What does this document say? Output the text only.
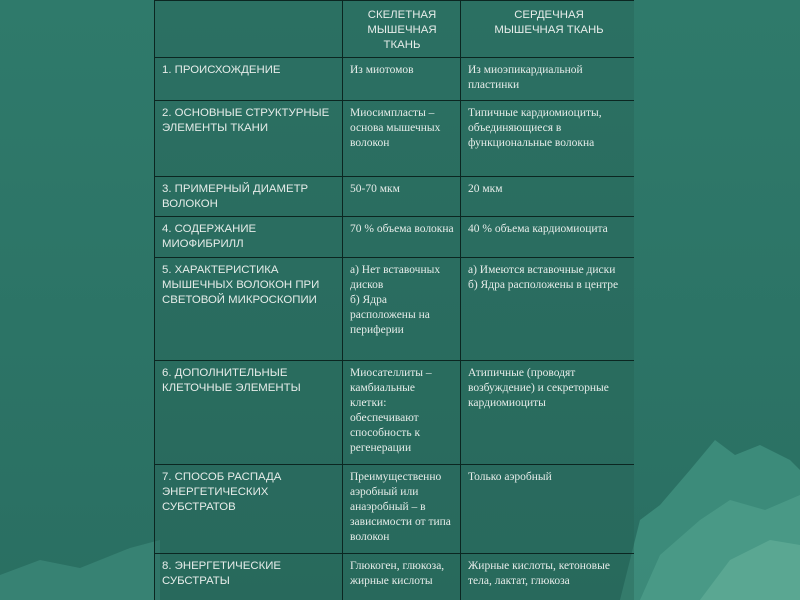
	СКЕЛЕТНАЯ
МЫШЕЧНАЯ
ТКАНЬ	СЕРДЕЧНАЯ
МЫШЕЧНАЯ ТКАНЬ
1. ПРОИСХОЖДЕНИЕ	Из миотомов	Из миоэпикардиальной пластинки
2. ОСНОВНЫЕ СТРУКТУРНЫЕ ЭЛЕМЕНТЫ ТКАНИ	Миосимпласты – основа мышечных волокон	Типичные кардиомиоциты, объединяющиеся в функциональные волокна
3. ПРИМЕРНЫЙ ДИАМЕТР ВОЛОКОН	50-70 мкм	20 мкм
4. СОДЕРЖАНИЕ МИОФИБРИЛЛ	70 % объема волокна	40 % объема кардиомиоцита
5. ХАРАКТЕРИСТИКА МЫШЕЧНЫХ ВОЛОКОН ПРИ СВЕТОВОЙ МИКРОСКОПИИ	а) Нет вставочных дисков
б) Ядра расположены на периферии	а) Имеются вставочные диски
б) Ядра расположены в центре
6. ДОПОЛНИТЕЛЬНЫЕ КЛЕТОЧНЫЕ ЭЛЕМЕНТЫ	Миосателлиты – камбиальные клетки: обеспечивают способность к регенерации	Атипичные (проводят возбуждение) и секреторные кардиомиоциты
7. СПОСОБ РАСПАДА ЭНЕРГЕТИЧЕСКИХ СУБСТРАТОВ	Преимущественно аэробный или анаэробный – в зависимости от типа волокон	Только аэробный
8. ЭНЕРГЕТИЧЕСКИЕ СУБСТРАТЫ	Глюкоген, глюкоза, жирные кислоты	Жирные кислоты, кетоновые тела, лактат, глюкоза
